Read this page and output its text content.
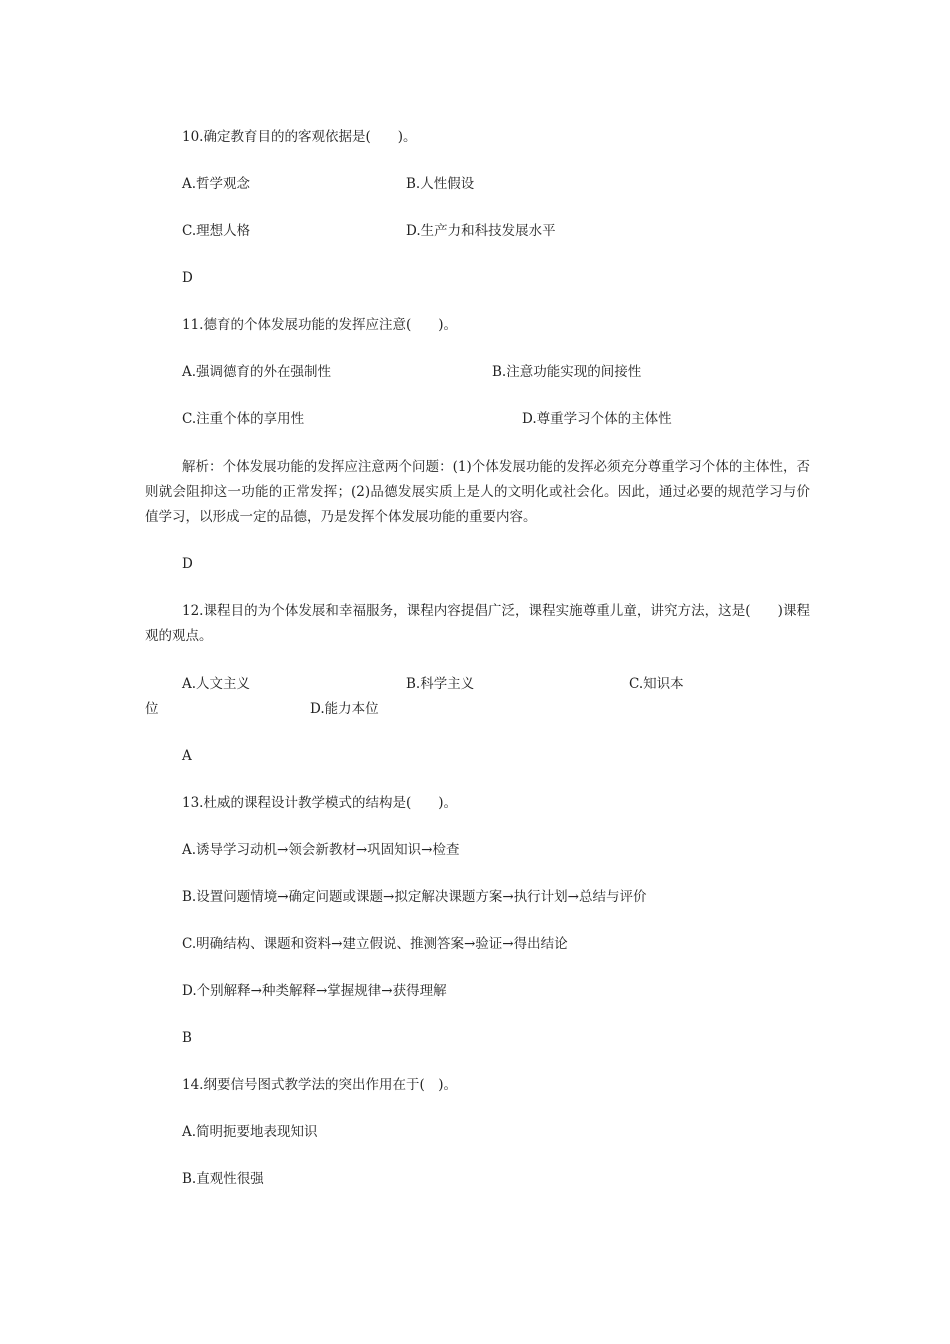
10.确定教育目的的客观依据是(　　)。
A.哲学观念	B.人性假设
C.理想人格	D.生产力和科技发展水平
D
11.德育的个体发展功能的发挥应注意(　　)。
A.强调德育的外在强制性	B.注意功能实现的间接性
C.注重个体的享用性	D.尊重学习个体的主体性
解析：个体发展功能的发挥应注意两个问题：(1)个体发展功能的发挥必须充分尊重学习个体的主体性，否则就会阻抑这一功能的正常发挥；(2)品德发展实质上是人的文明化或社会化。因此，通过必要的规范学习与价值学习，以形成一定的品德，乃是发挥个体发展功能的重要内容。
D
12.课程目的为个体发展和幸福服务，课程内容提倡广泛，课程实施尊重儿童，讲究方法，这是(　　)课程观的观点。
A.人文主义	B.科学主义	C.知识本
位	D.能力本位
A
13.杜威的课程设计教学模式的结构是(　　)。
A.诱导学习动机→领会新教材→巩固知识→检查
B.设置问题情境→确定问题或课题→拟定解决课题方案→执行计划→总结与评价
C.明确结构、课题和资料→建立假说、推测答案→验证→得出结论
D.个别解释→种类解释→掌握规律→获得理解
B
14.纲要信号图式教学法的突出作用在于(　)。
A.简明扼要地表现知识
B.直观性很强
